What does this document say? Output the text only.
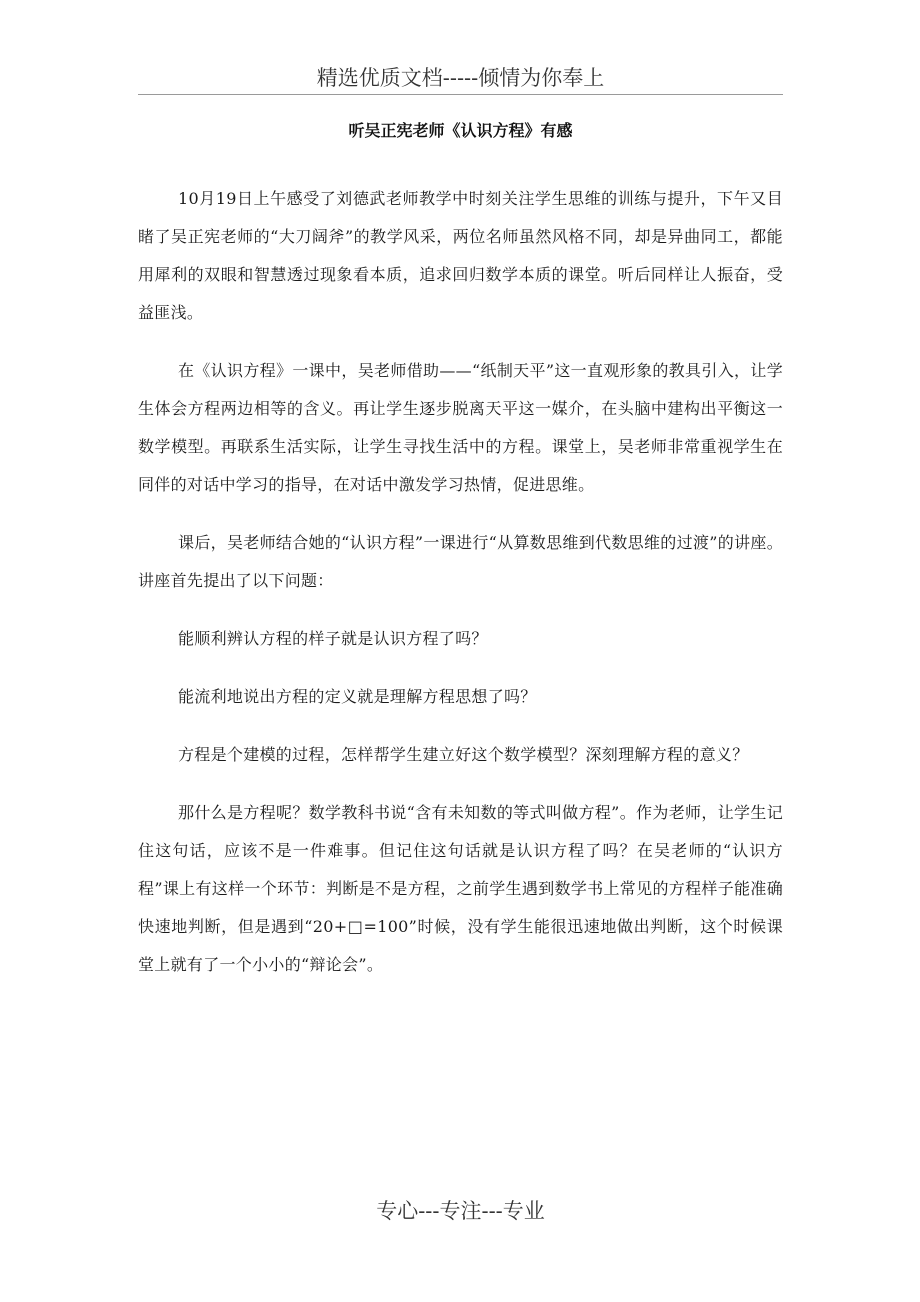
精选优质文档-----倾情为你奉上
听吴正宪老师《认识方程》有感

10月19日上午感受了刘德武老师教学中时刻关注学生思维的训练与提升，下午又目睹了吴正宪老师的“大刀阔斧”的教学风采，两位名师虽然风格不同，却是异曲同工，都能用犀利的双眼和智慧透过现象看本质，追求回归数学本质的课堂。听后同样让人振奋，受益匪浅。

在《认识方程》一课中，吴老师借助——“纸制天平”这一直观形象的教具引入，让学生体会方程两边相等的含义。再让学生逐步脱离天平这一媒介，在头脑中建构出平衡这一数学模型。再联系生活实际，让学生寻找生活中的方程。课堂上，吴老师非常重视学生在同伴的对话中学习的指导，在对话中激发学习热情，促进思维。

课后，吴老师结合她的“认识方程”一课进行“从算数思维到代数思维的过渡”的讲座。讲座首先提出了以下问题：

能顺利辨认方程的样子就是认识方程了吗？

能流利地说出方程的定义就是理解方程思想了吗？

方程是个建模的过程，怎样帮学生建立好这个数学模型？深刻理解方程的意义？

那什么是方程呢？数学教科书说“含有未知数的等式叫做方程”。作为老师，让学生记住这句话，应该不是一件难事。但记住这句话就是认识方程了吗？在吴老师的“认识方程”课上有这样一个环节：判断是不是方程，之前学生遇到数学书上常见的方程样子能准确快速地判断，但是遇到“20+□=100”时候，没有学生能很迅速地做出判断，这个时候课堂上就有了一个小小的“辩论会”。

专心---专注---专业
